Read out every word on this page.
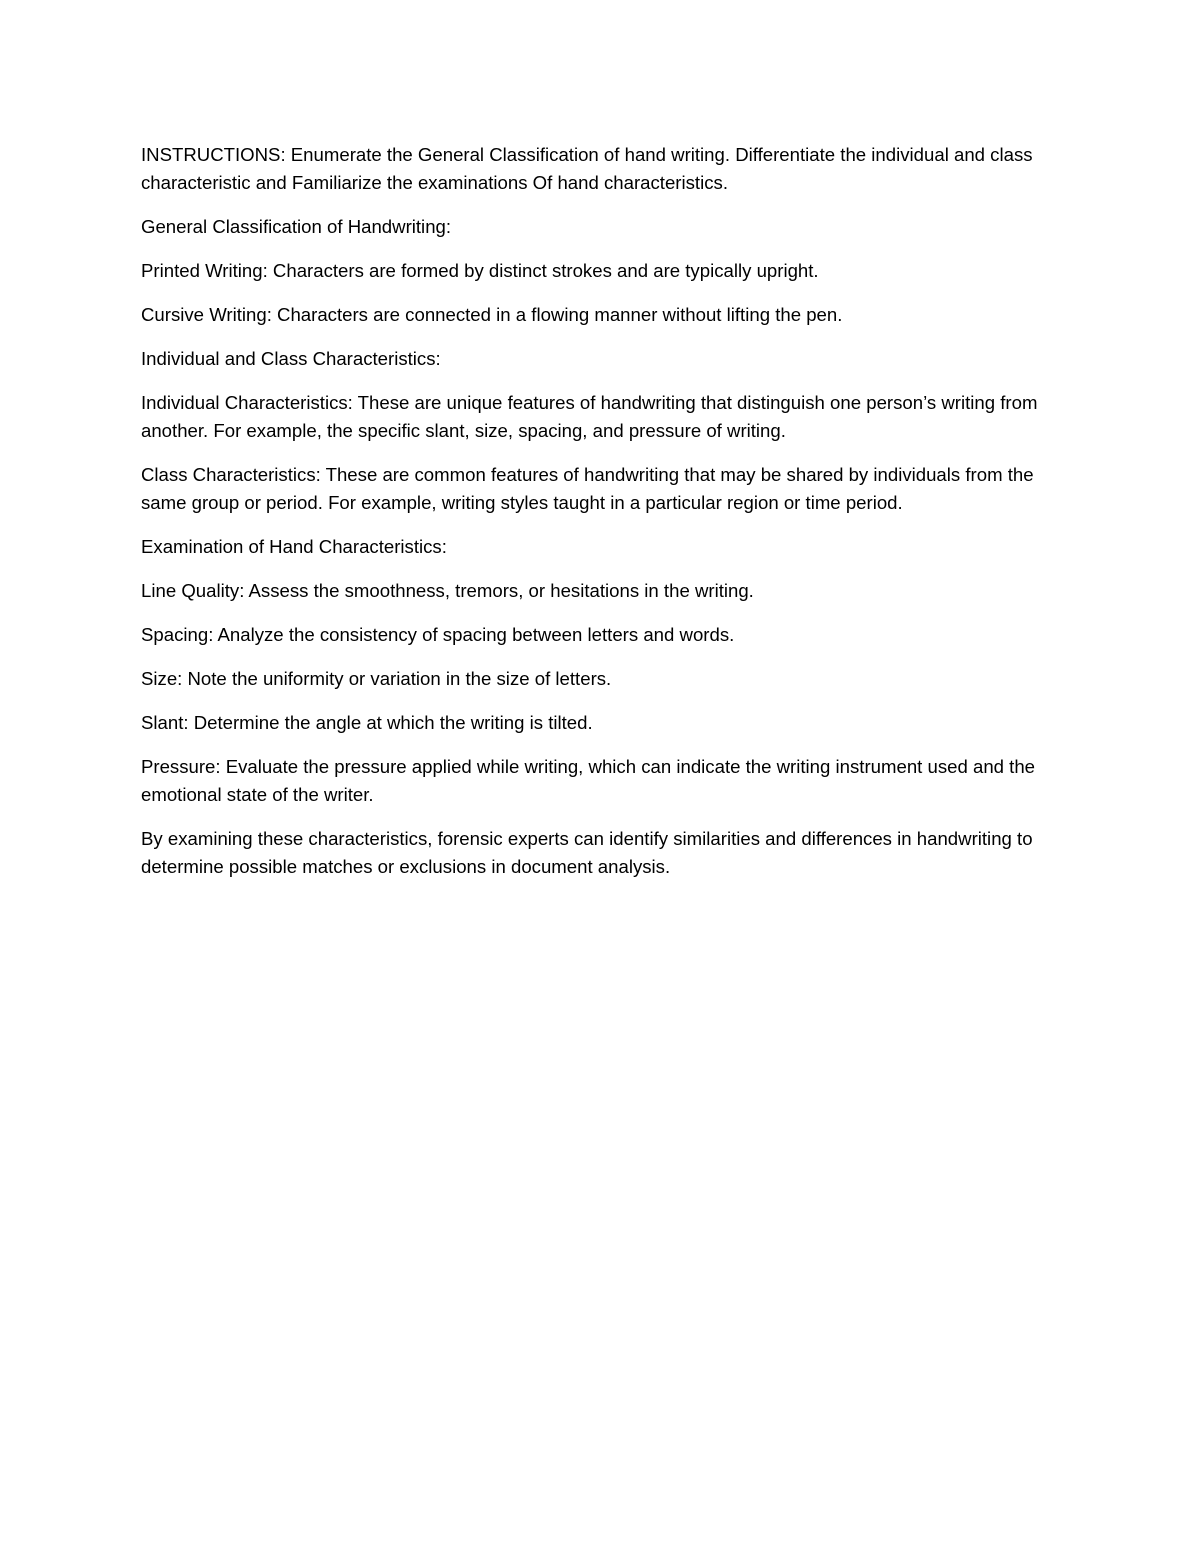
INSTRUCTIONS: Enumerate the General Classification of hand writing. Differentiate the individual and class characteristic and Familiarize the examinations Of hand characteristics.

General Classification of Handwriting:

Printed Writing: Characters are formed by distinct strokes and are typically upright.

Cursive Writing: Characters are connected in a flowing manner without lifting the pen.

Individual and Class Characteristics:

Individual Characteristics: These are unique features of handwriting that distinguish one person’s writing from another. For example, the specific slant, size, spacing, and pressure of writing.

Class Characteristics: These are common features of handwriting that may be shared by individuals from the same group or period. For example, writing styles taught in a particular region or time period.

Examination of Hand Characteristics:

Line Quality: Assess the smoothness, tremors, or hesitations in the writing.

Spacing: Analyze the consistency of spacing between letters and words.

Size: Note the uniformity or variation in the size of letters.

Slant: Determine the angle at which the writing is tilted.

Pressure: Evaluate the pressure applied while writing, which can indicate the writing instrument used and the emotional state of the writer.

By examining these characteristics, forensic experts can identify similarities and differences in handwriting to determine possible matches or exclusions in document analysis.
